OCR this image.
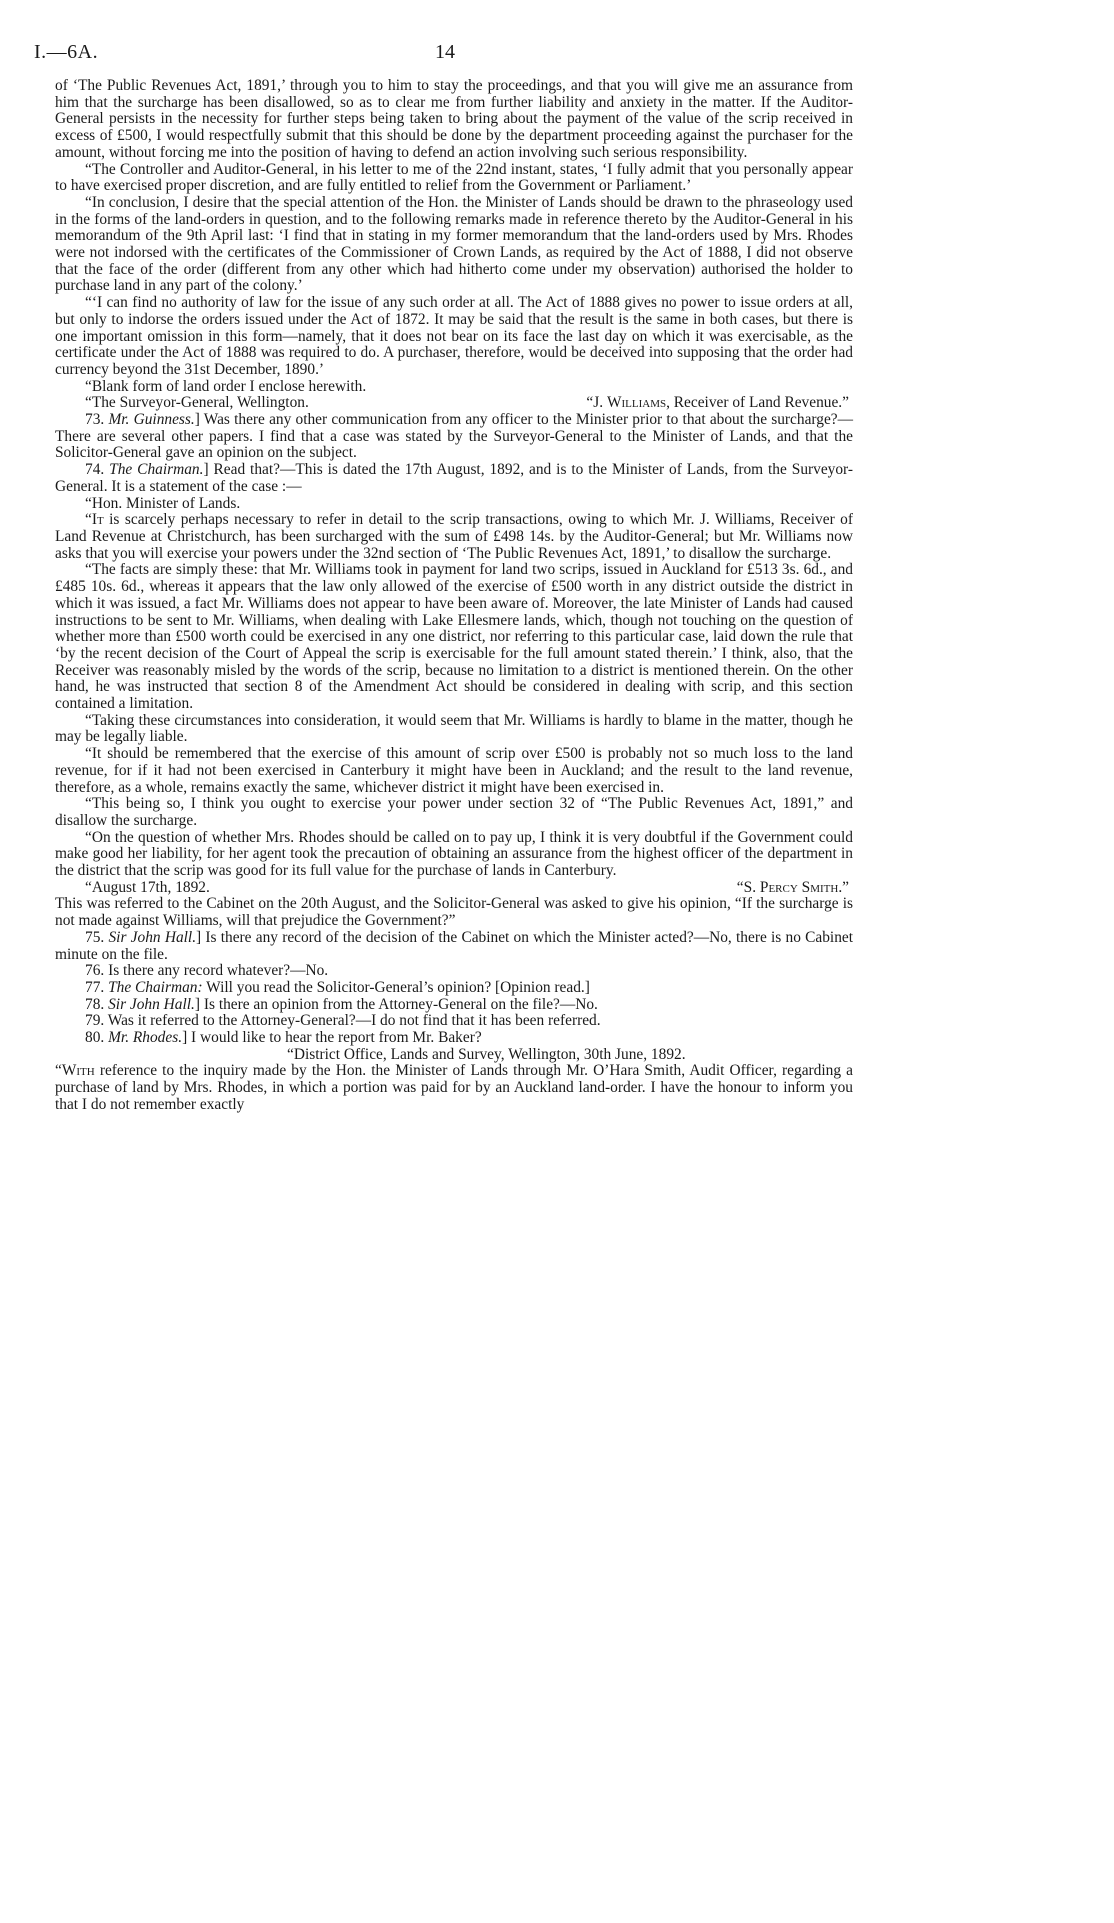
I.—6A.	14

of ‘The Public Revenues Act, 1891,’ through you to him to stay the proceedings, and that you will give me an assurance from him that the surcharge has been disallowed, so as to clear me from further liability and anxiety in the matter. If the Auditor-General persists in the necessity for further steps being taken to bring about the payment of the value of the scrip received in excess of £500, I would respectfully submit that this should be done by the department proceeding against the purchaser for the amount, without forcing me into the position of having to defend an action involving such serious responsibility.

“The Controller and Auditor-General, in his letter to me of the 22nd instant, states, ‘I fully admit that you personally appear to have exercised proper discretion, and are fully entitled to relief from the Government or Parliament.’

“In conclusion, I desire that the special attention of the Hon. the Minister of Lands should be drawn to the phraseology used in the forms of the land-orders in question, and to the following remarks made in reference thereto by the Auditor-General in his memorandum of the 9th April last: ‘I find that in stating in my former memorandum that the land-orders used by Mrs. Rhodes were not indorsed with the certificates of the Commissioner of Crown Lands, as required by the Act of 1888, I did not observe that the face of the order (different from any other which had hitherto come under my observation) authorised the holder to purchase land in any part of the colony.’

“‘I can find no authority of law for the issue of any such order at all. The Act of 1888 gives no power to issue orders at all, but only to indorse the orders issued under the Act of 1872. It may be said that the result is the same in both cases, but there is one important omission in this form—namely, that it does not bear on its face the last day on which it was exercisable, as the certificate under the Act of 1888 was required to do. A purchaser, therefore, would be deceived into supposing that the order had currency beyond the 31st December, 1890.’

“Blank form of land order I enclose herewith.

“The Surveyor-General, Wellington.	“J. Williams, Receiver of Land Revenue.”

73. Mr. Guinness.] Was there any other communication from any officer to the Minister prior to that about the surcharge?—There are several other papers. I find that a case was stated by the Surveyor-General to the Minister of Lands, and that the Solicitor-General gave an opinion on the subject.

74. The Chairman.] Read that?—This is dated the 17th August, 1892, and is to the Minister of Lands, from the Surveyor-General. It is a statement of the case :—

“Hon. Minister of Lands.

“It is scarcely perhaps necessary to refer in detail to the scrip transactions, owing to which Mr. J. Williams, Receiver of Land Revenue at Christchurch, has been surcharged with the sum of £498 14s. by the Auditor-General; but Mr. Williams now asks that you will exercise your powers under the 32nd section of ‘The Public Revenues Act, 1891,’ to disallow the surcharge.

“The facts are simply these: that Mr. Williams took in payment for land two scrips, issued in Auckland for £513 3s. 6d., and £485 10s. 6d., whereas it appears that the law only allowed of the exercise of £500 worth in any district outside the district in which it was issued, a fact Mr. Williams does not appear to have been aware of. Moreover, the late Minister of Lands had caused instructions to be sent to Mr. Williams, when dealing with Lake Ellesmere lands, which, though not touching on the question of whether more than £500 worth could be exercised in any one district, nor referring to this particular case, laid down the rule that ‘by the recent decision of the Court of Appeal the scrip is exercisable for the full amount stated therein.’ I think, also, that the Receiver was reasonably misled by the words of the scrip, because no limitation to a district is mentioned therein. On the other hand, he was instructed that section 8 of the Amendment Act should be considered in dealing with scrip, and this section contained a limitation.

“Taking these circumstances into consideration, it would seem that Mr. Williams is hardly to blame in the matter, though he may be legally liable.

“It should be remembered that the exercise of this amount of scrip over £500 is probably not so much loss to the land revenue, for if it had not been exercised in Canterbury it might have been in Auckland; and the result to the land revenue, therefore, as a whole, remains exactly the same, whichever district it might have been exercised in.

“This being so, I think you ought to exercise your power under section 32 of “The Public Revenues Act, 1891,” and disallow the surcharge.

“On the question of whether Mrs. Rhodes should be called on to pay up, I think it is very doubtful if the Government could make good her liability, for her agent took the precaution of obtaining an assurance from the highest officer of the department in the district that the scrip was good for its full value for the purchase of lands in Canterbury.

“August 17th, 1892.	“S. Percy Smith.”

This was referred to the Cabinet on the 20th August, and the Solicitor-General was asked to give his opinion, “If the surcharge is not made against Williams, will that prejudice the Government?”

75. Sir John Hall.] Is there any record of the decision of the Cabinet on which the Minister acted?—No, there is no Cabinet minute on the file.

76. Is there any record whatever?—No.

77. The Chairman: Will you read the Solicitor-General’s opinion? [Opinion read.]

78. Sir John Hall.] Is there an opinion from the Attorney-General on the file?—No.

79. Was it referred to the Attorney-General?—I do not find that it has been referred.

80. Mr. Rhodes.] I would like to hear the report from Mr. Baker?

“District Office, Lands and Survey, Wellington, 30th June, 1892.

“With reference to the inquiry made by the Hon. the Minister of Lands through Mr. O’Hara Smith, Audit Officer, regarding a purchase of land by Mrs. Rhodes, in which a portion was paid for by an Auckland land-order. I have the honour to inform you that I do not remember exactly
